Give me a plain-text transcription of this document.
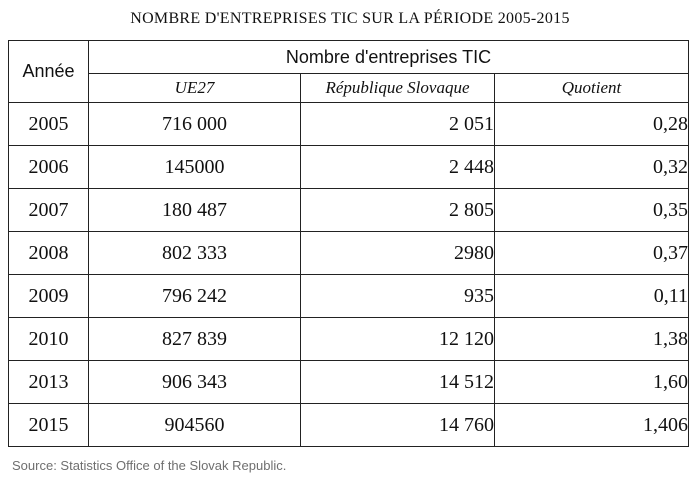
NOMBRE D'ENTREPRISES TIC SUR LA PÉRIODE 2005-2015
Année	Nombre d'entreprises TIC		
	UE27	République Slovaque	Quotient
2005	716 000	2 051	0,28
2006	145000	2 448	0,32
2007	180 487	2 805	0,35
2008	802 333	2980	0,37
2009	796 242	935	0,11
2010	827 839	12 120	1,38
2013	906 343	14 512	1,60
2015	904560	14 760	1,406
Source: Statistics Office of the Slovak Republic.
